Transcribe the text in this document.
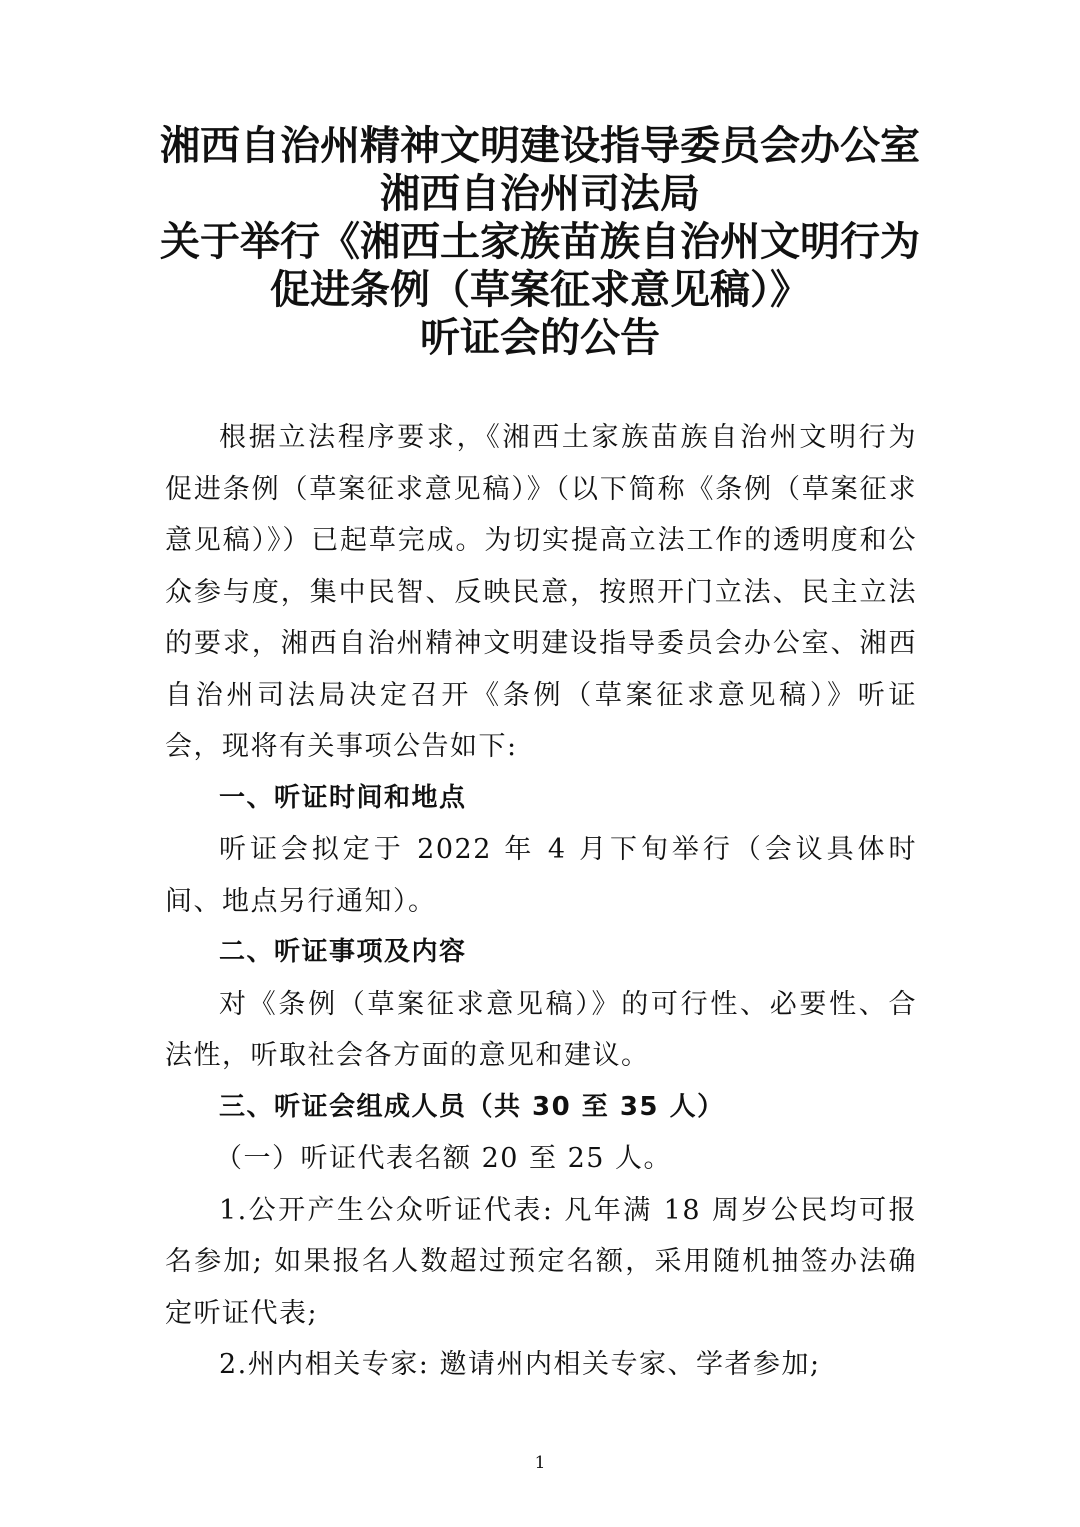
湘西自治州精神文明建设指导委员会办公室
湘西自治州司法局
关于举行《湘西土家族苗族自治州文明行为
促进条例（草案征求意见稿）》
听证会的公告

根据立法程序要求，《湘西土家族苗族自治州文明行为促进条例（草案征求意见稿）》（以下简称《条例（草案征求意见稿）》）已起草完成。为切实提高立法工作的透明度和公众参与度，集中民智、反映民意，按照开门立法、民主立法的要求，湘西自治州精神文明建设指导委员会办公室、湘西自治州司法局决定召开《条例（草案征求意见稿）》听证会，现将有关事项公告如下:

一、听证时间和地点

听证会拟定于 2022 年 4 月下旬举行（会议具体时间、地点另行通知）。

二、听证事项及内容

对《条例（草案征求意见稿）》的可行性、必要性、合法性，听取社会各方面的意见和建议。

三、听证会组成人员（共 30 至 35 人）

（一）听证代表名额 20 至 25 人。

1.公开产生公众听证代表: 凡年满 18 周岁公民均可报名参加; 如果报名人数超过预定名额，采用随机抽签办法确定听证代表;

2.州内相关专家: 邀请州内相关专家、学者参加;

1
